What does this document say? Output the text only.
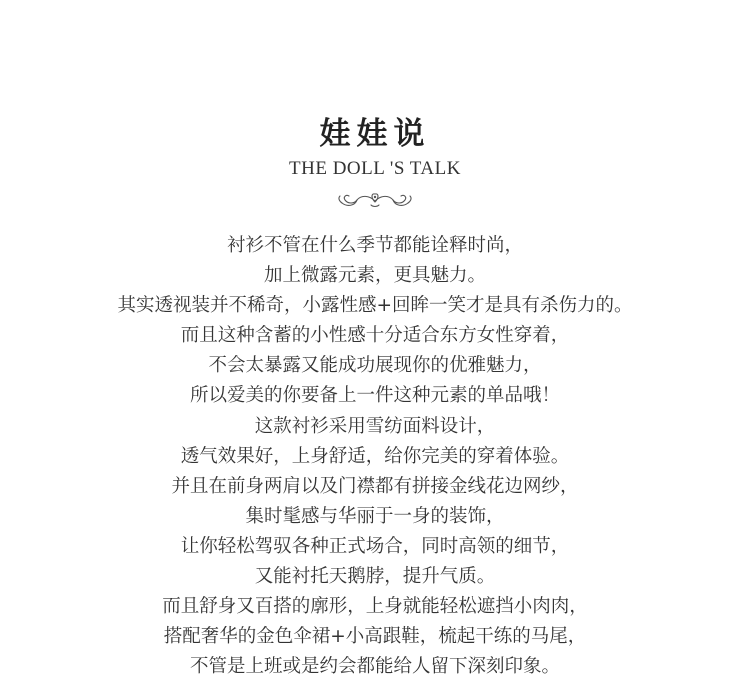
娃娃说
THE DOLL 'S TALK
衬衫不管在什么季节都能诠释时尚，
加上微露元素，更具魅力。
其实透视装并不稀奇，小露性感+回眸一笑才是具有杀伤力的。
而且这种含蓄的小性感十分适合东方女性穿着，
不会太暴露又能成功展现你的优雅魅力，
所以爱美的你要备上一件这种元素的单品哦！
这款衬衫采用雪纺面料设计，
透气效果好，上身舒适，给你完美的穿着体验。
并且在前身两肩以及门襟都有拼接金线花边网纱，
集时髦感与华丽于一身的装饰，
让你轻松驾驭各种正式场合，同时高领的细节，
又能衬托天鹅脖，提升气质。
而且舒身又百搭的廓形，上身就能轻松遮挡小肉肉，
搭配奢华的金色伞裙+小高跟鞋，梳起干练的马尾，
不管是上班或是约会都能给人留下深刻印象。
